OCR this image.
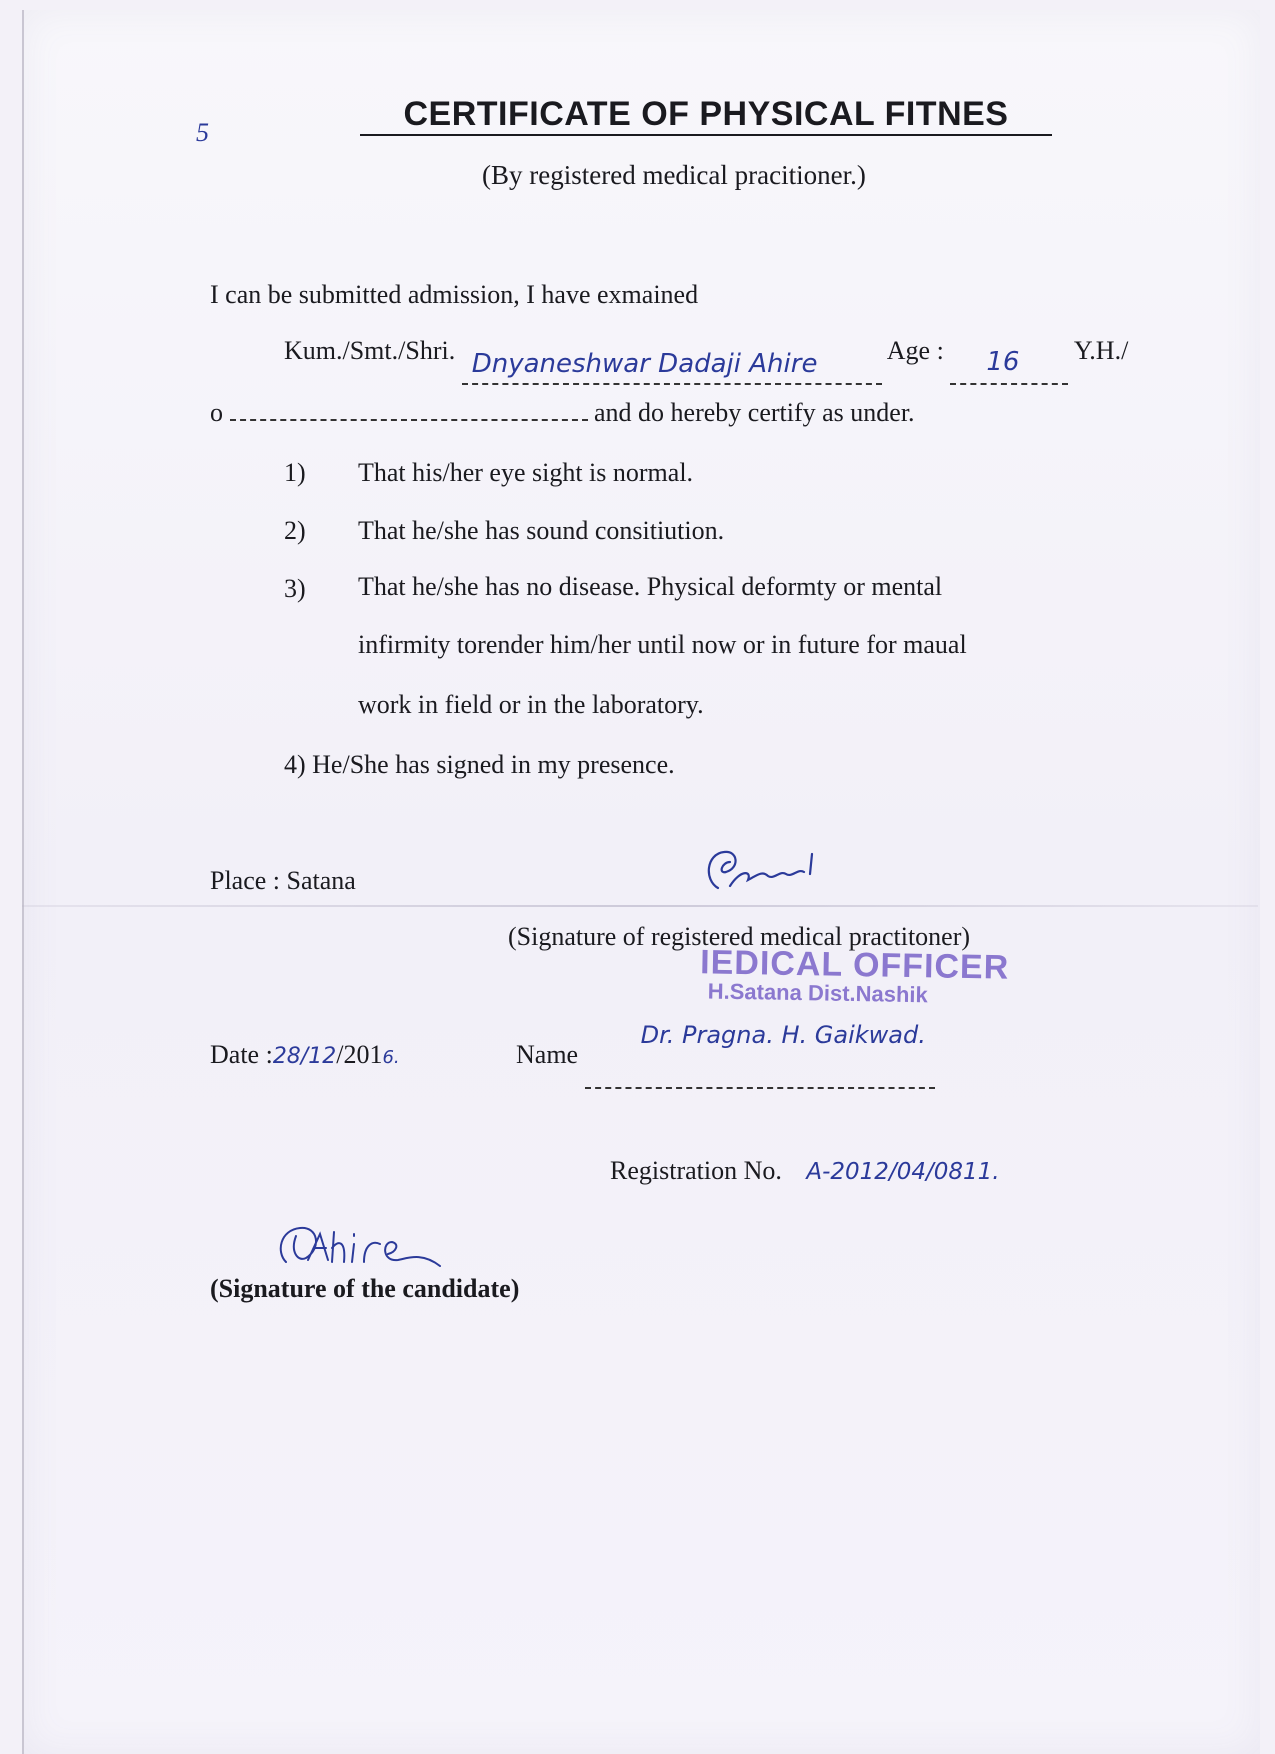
5	CERTIFICATE OF PHYSICAL FITNES
(By registered medical pracitioner.)
I can be submitted admission, I have exmained
Kum./Smt./Shri. Dnyaneshwar Dadaji Ahire	Age : 16 Y.H./
o	and do hereby certify as under.
1) That his/her eye sight is normal.
2) That he/she has sound consitiution.
3) That he/she has no disease. Physical deformty or mental
infirmity torender him/her until now or in future for maual
work in field or in the laboratory.
4) He/She has signed in my presence.
Place : Satana
(Signature of registered medical practitoner)
IEDICAL OFFICER
H.Satana Dist.Nashik
Date :28/12/2016.	Name
Dr. Pragna. H. Gaikwad.
Registration No. A-2012/04/0811.
(Signature of the candidate)
